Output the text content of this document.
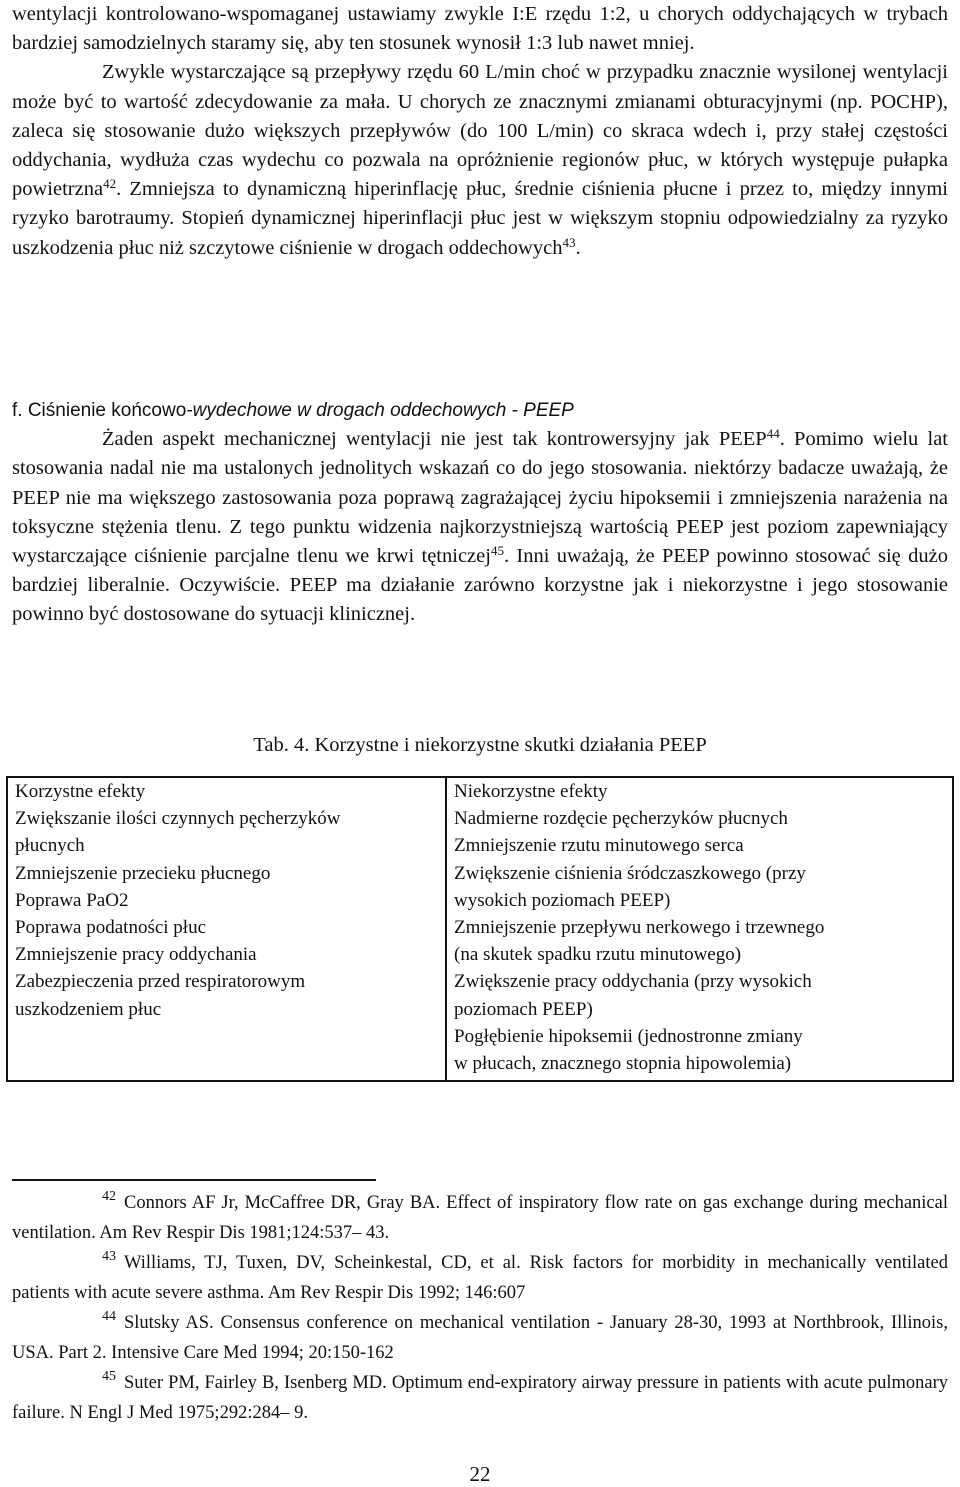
wentylacji kontrolowano-wspomaganej ustawiamy zwykle I:E rzędu 1:2, u chorych oddychających w trybach bardziej samodzielnych staramy się, aby ten stosunek wynosił 1:3 lub nawet mniej.

Zwykle wystarczające są przepływy rzędu 60 L/min choć w przypadku znacznie wysilonej wentylacji może być to wartość zdecydowanie za mała. U chorych ze znacznymi zmianami obturacyjnymi (np. POCHP), zaleca się stosowanie dużo większych przepływów (do 100 L/min) co skraca wdech i, przy stałej częstości oddychania, wydłuża czas wydechu co pozwala na opróżnienie regionów płuc, w których występuje pułapka powietrzna$^{42}$. Zmniejsza to dynamiczną hiperinflację płuc, średnie ciśnienia płucne i przez to, między innymi ryzyko barotraumy. Stopień dynamicznej hiperinflacji płuc jest w większym stopniu odpowiedzialny za ryzyko uszkodzenia płuc niż szczytowe ciśnienie w drogach oddechowych$^{43}$.

f. Ciśnienie końcowo-wydechowe w drogach oddechowych - PEEP

Żaden aspekt mechanicznej wentylacji nie jest tak kontrowersyjny jak PEEP$^{44}$. Pomimo wielu lat stosowania nadal nie ma ustalonych jednolitych wskazań co do jego stosowania. niektórzy badacze uważają, że PEEP nie ma większego zastosowania poza poprawą zagrażającej życiu hipoksemii i zmniejszenia narażenia na toksyczne stężenia tlenu. Z tego punktu widzenia najkorzystniejszą wartością PEEP jest poziom zapewniający wystarczające ciśnienie parcjalne tlenu we krwi tętniczej$^{45}$. Inni uważają, że PEEP powinno stosować się dużo bardziej liberalnie. Oczywiście. PEEP ma działanie zarówno korzystne jak i niekorzystne i jego stosowanie powinno być dostosowane do sytuacji klinicznej.

Tab. 4. Korzystne i niekorzystne skutki działania PEEP
Korzystne efekty
Zwiększanie ilości czynnych pęcherzyków
płucnych
Zmniejszenie przecieku płucnego
Poprawa PaO2
Poprawa podatności płuc
Zmniejszenie pracy oddychania
Zabezpieczenia przed respiratorowym
uszkodzeniem płuc
Niekorzystne efekty
Nadmierne rozdęcie pęcherzyków płucnych
Zmniejszenie rzutu minutowego serca
Zwiększenie ciśnienia śródczaszkowego (przy
wysokich poziomach PEEP)
Zmniejszenie przepływu nerkowego i trzewnego
(na skutek spadku rzutu minutowego)
Zwiększenie pracy oddychania (przy wysokich
poziomach PEEP)
Pogłębienie hipoksemii (jednostronne zmiany
w płucach, znacznego stopnia hipowolemia)

$^{42}$ Connors AF Jr, McCaffree DR, Gray BA. Effect of inspiratory flow rate on gas exchange during mechanical ventilation. Am Rev Respir Dis 1981;124:537– 43.

$^{43}$ Williams, TJ, Tuxen, DV, Scheinkestal, CD, et al. Risk factors for morbidity in mechanically ventilated patients with acute severe asthma. Am Rev Respir Dis 1992; 146:607

$^{44}$ Slutsky AS. Consensus conference on mechanical ventilation - January 28-30, 1993 at Northbrook, Illinois, USA. Part 2. Intensive Care Med 1994; 20:150-162

$^{45}$ Suter PM, Fairley B, Isenberg MD. Optimum end-expiratory airway pressure in patients with acute pulmonary failure. N Engl J Med 1975;292:284– 9.

22
